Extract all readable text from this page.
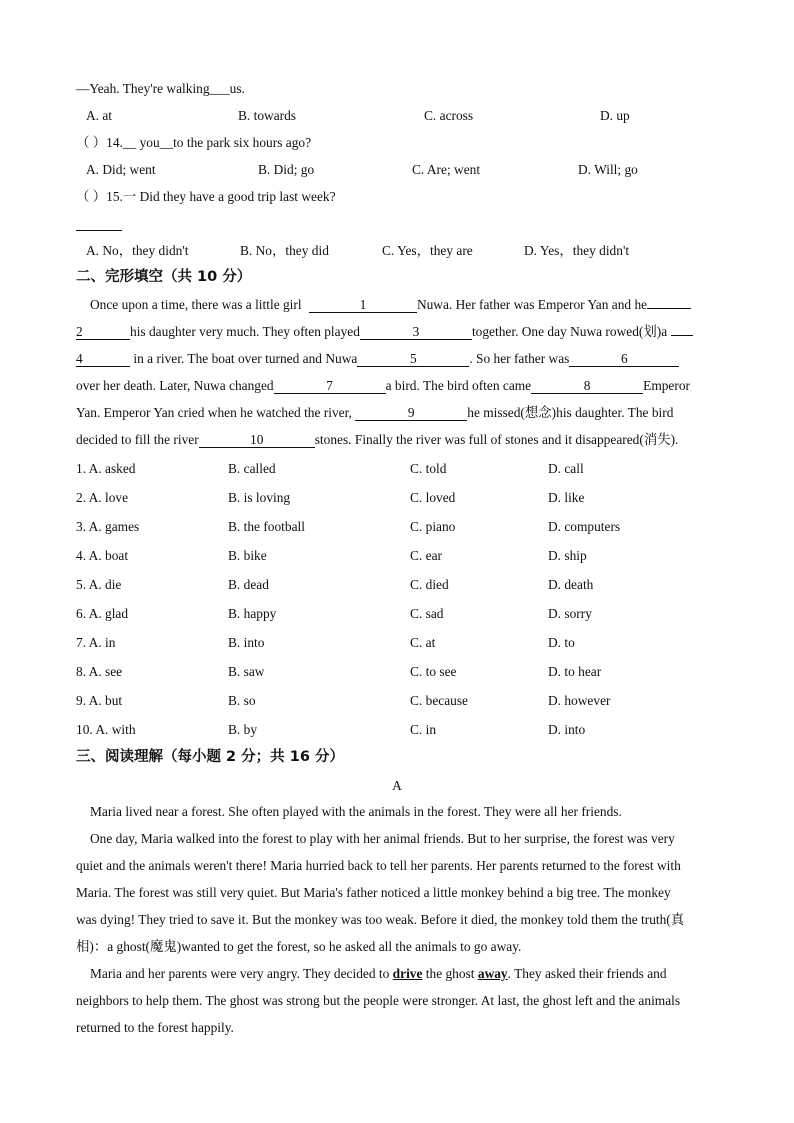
—Yeah. They're walking___us.
A. at	B. towards	C. across	D. up
（ ）14.__ you__to the park six hours ago?
A. Did; went	B. Did; go	C. Are; went	D. Will; go
（ ）15.一 Did they have a good trip last week?
A. No，they didn't	B. No，they did	C. Yes，they are	D. Yes，they didn't
二、完形填空（共 10 分）
Once upon a time, there was a little girl	1	Nuwa. Her father was Emperor Yan and he
2	his daughter very much. They often played	3	together. One day Nuwa rowed(划)a
4	in a river. The boat over turned and Nuwa	5	. So her father was	6
over her death. Later, Nuwa changed	7	a bird. The bird often came	8	Emperor
Yan. Emperor Yan cried when he watched the river,	9	he missed(想念)his daughter. The bird
decided to fill the river	10	stones. Finally the river was full of stones and it disappeared(消失).
1. A. asked	B. called	C. told	D. call
2. A. love	B. is loving	C. loved	D. like
3. A. games	B. the football	C. piano	D. computers
4. A. boat	B. bike	C. ear	D. ship
5. A. die	B. dead	C. died	D. death
6. A. glad	B. happy	C. sad	D. sorry
7. A. in	B. into	C. at	D. to
8. A. see	B. saw	C. to see	D. to hear
9. A. but	B. so	C. because	D. however
10. A. with	B. by	C. in	D. into
三、阅读理解（每小题 2 分；共 16 分）
A
Maria lived near a forest. She often played with the animals in the forest. They were all her friends.
One day, Maria walked into the forest to play with her animal friends. But to her surprise, the forest was very
quiet and the animals weren't there! Maria hurried back to tell her parents. Her parents returned to the forest with
Maria. The forest was still very quiet. But Maria's father noticed a little monkey behind a big tree. The monkey
was dying! They tried to save it. But the monkey was too weak. Before it died, the monkey told them the truth(真
相)：a ghost(魔鬼)wanted to get the forest, so he asked all the animals to go away.
Maria and her parents were very angry. They decided to drive the ghost away. They asked their friends and
neighbors to help them. The ghost was strong but the people were stronger. At last, the ghost left and the animals
returned to the forest happily.
